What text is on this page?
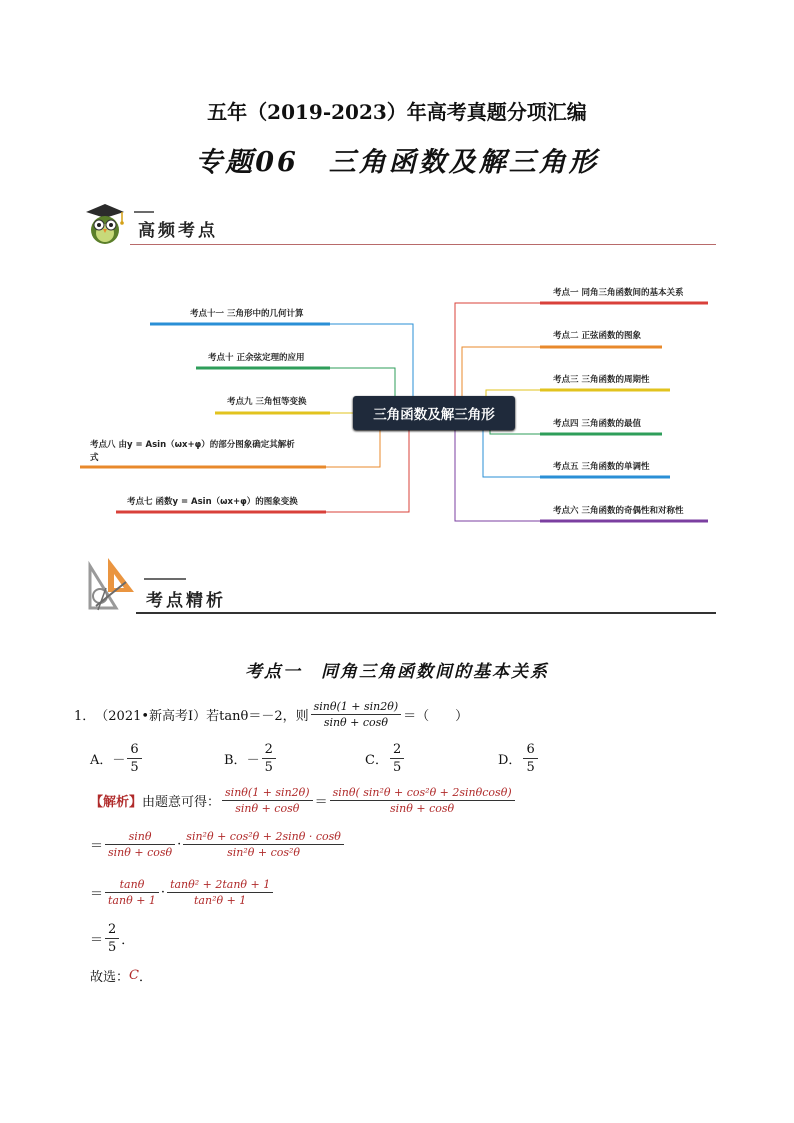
五年（2019-2023）年高考真题分项汇编
专题06　三角函数及解三角形
高频考点
三角函数及解三角形
考点一 同角三角函数间的基本关系
考点二 正弦函数的图象
考点三 三角函数的周期性
考点四 三角函数的最值
考点五 三角函数的单调性
考点六 三角函数的奇偶性和对称性
考点十一 三角形中的几何计算
考点十 正余弦定理的应用
考点九 三角恒等变换
考点八 由y = Asin（ωx+φ）的部分图象确定其解析
式
考点七 函数y = Asin（ωx+φ）的图象变换
考点精析
考点一　同角三角函数间的基本关系
1． （2021•新高考Ⅰ）若 tanθ＝－2，则 $\frac{\sin\theta(1 + \sin 2\theta)}{\sin\theta + \cos\theta}$ ＝（　　）
A． － $\frac{6}{5}$	B． － $\frac{2}{5}$	C． $\frac{2}{5}$	D． $\frac{6}{5}$
【解析】 由题意可得： $\frac{\sin\theta(1 + \sin 2\theta)}{\sin\theta + \cos\theta} = \frac{\text{sinθ( sin²θ + cos²θ + 2sinθcosθ)}}{\sin\theta + \cos\theta}$
＝ $\frac{\sin\theta}{\sin\theta + \cos\theta} \cdot \frac{\text{sin²θ + cos²θ + 2sinθ · cosθ}}{\text{sin²θ + cos²θ}}$
＝ $\frac{\tan\theta}{\tan\theta + 1} \cdot \frac{\text{tanθ² + 2tanθ + 1}}{\text{tan²θ + 1}}$
＝ $\frac{2}{5}$ ．
故选： C ．
